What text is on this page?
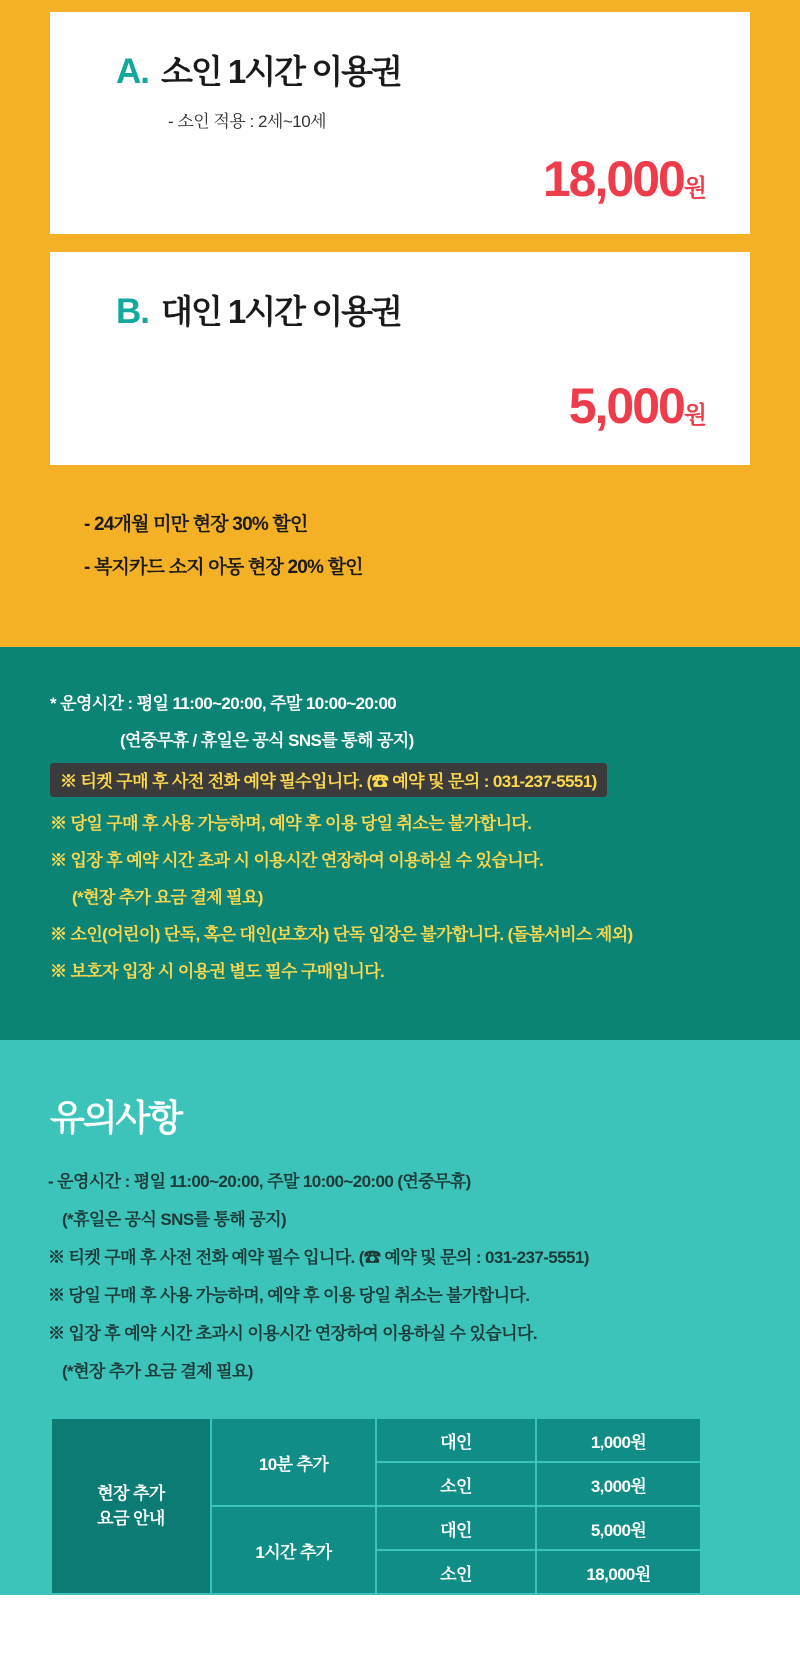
A. 소인 1시간 이용권
- 소인 적용 : 2세~10세
18,000원
B. 대인 1시간 이용권
5,000원
- 24개월 미만 현장 30% 할인
- 복지카드 소지 아동 현장 20% 할인
* 운영시간 : 평일 11:00~20:00, 주말 10:00~20:00
(연중무휴 / 휴일은 공식 SNS를 통해 공지)
※ 티켓 구매 후 사전 전화 예약 필수입니다. (☎ 예약 및 문의 : 031-237-5551)
※ 당일 구매 후 사용 가능하며, 예약 후 이용 당일 취소는 불가합니다.
※ 입장 후 예약 시간 초과 시 이용시간 연장하여 이용하실 수 있습니다.
(*현장 추가 요금 결제 필요)
※ 소인(어린이) 단독, 혹은 대인(보호자) 단독 입장은 불가합니다. (돌봄서비스 제외)
※ 보호자 입장 시 이용권 별도 필수 구매입니다.
유의사항
- 운영시간 : 평일 11:00~20:00, 주말 10:00~20:00 (연중무휴)
(*휴일은 공식 SNS를 통해 공지)
※ 티켓 구매 후 사전 전화 예약 필수 입니다. (☎ 예약 및 문의 : 031-237-5551)
※ 당일 구매 후 사용 가능하며, 예약 후 이용 당일 취소는 불가합니다.
※ 입장 후 예약 시간 초과시 이용시간 연장하여 이용하실 수 있습니다.
(*현장 추가 요금 결제 필요)
현장 추가
요금 안내	10분 추가	대인	1,000원
		소인	3,000원
	1시간 추가	대인	5,000원
		소인	18,000원
